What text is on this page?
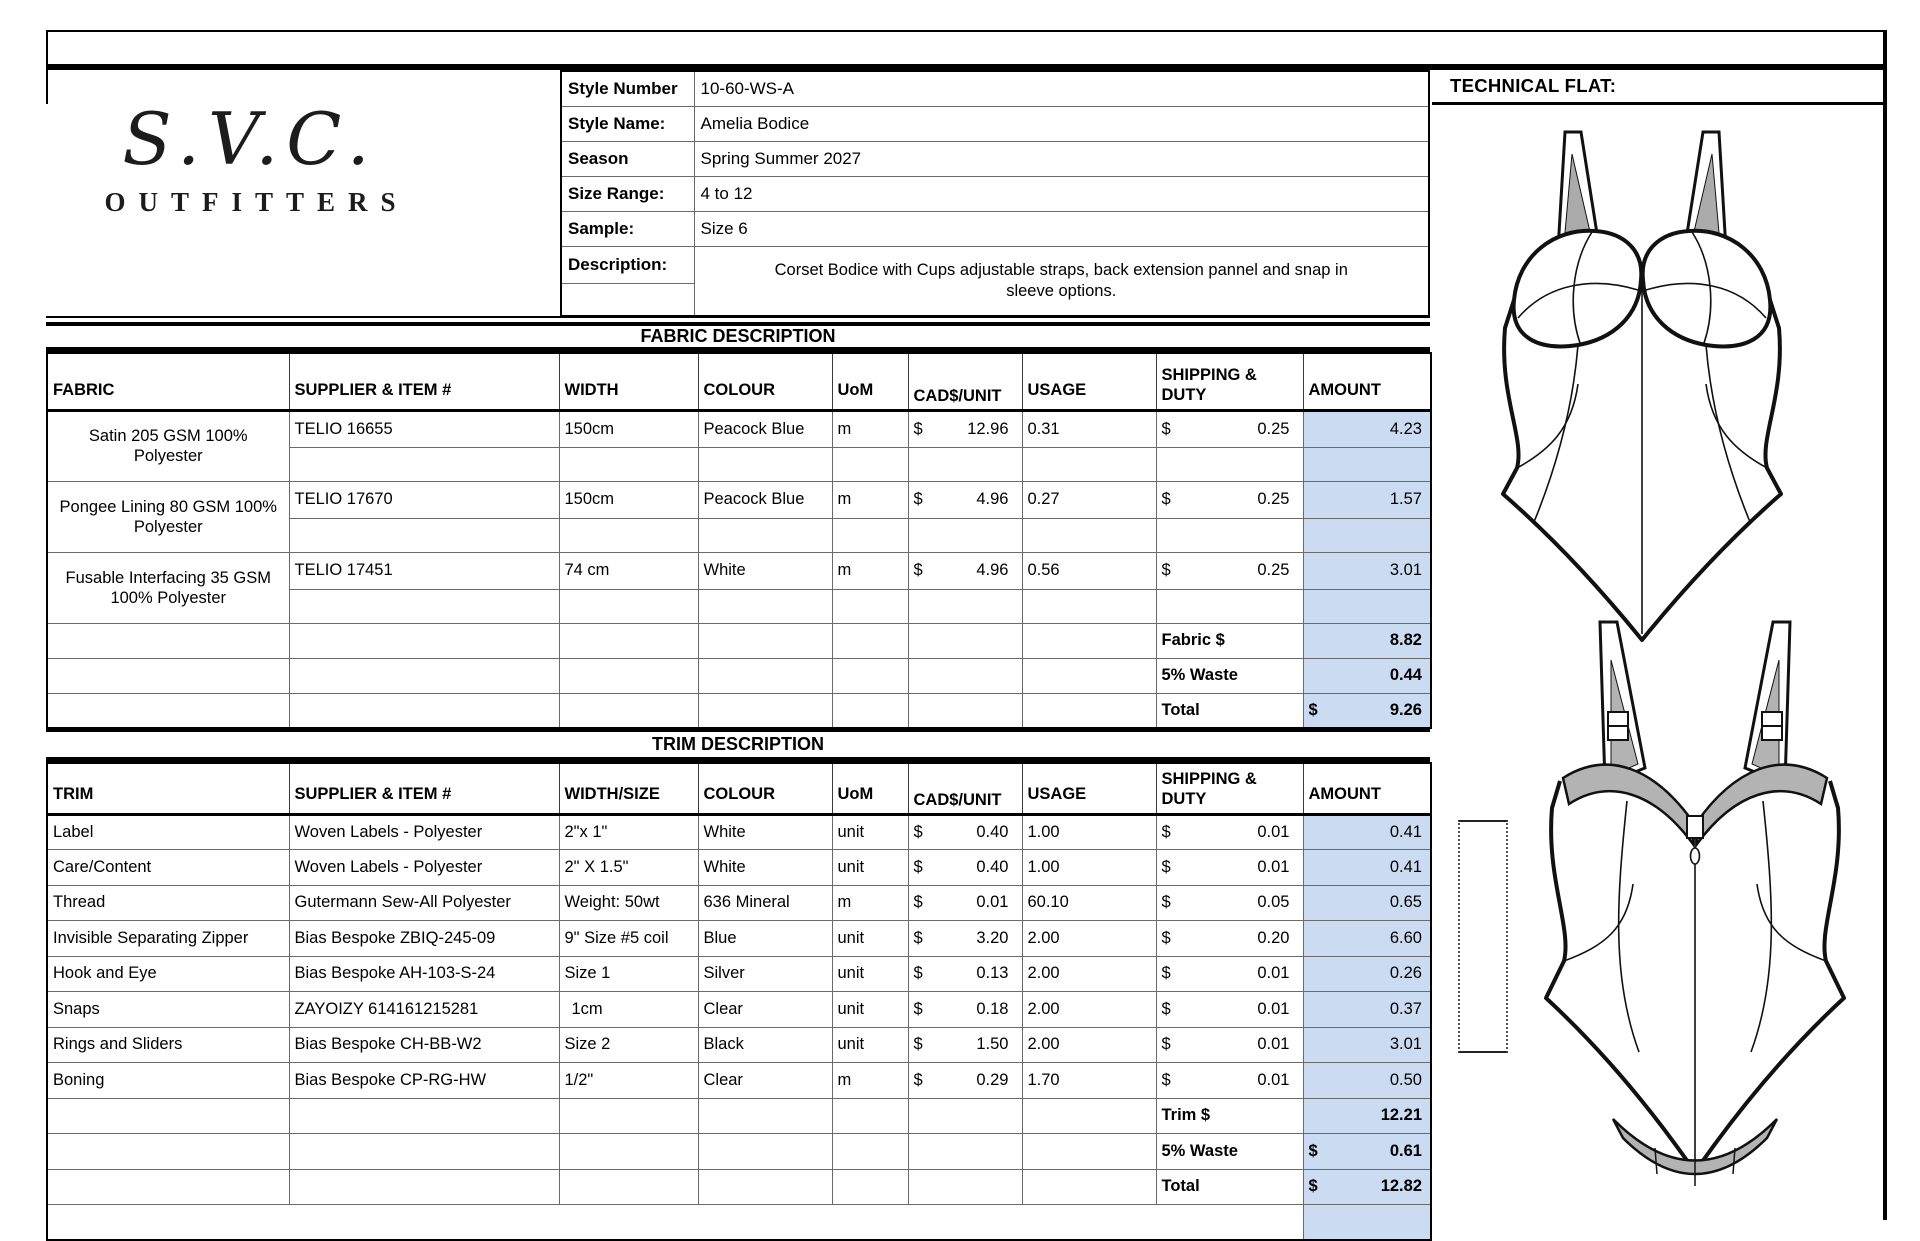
S.V.C.
OUTFITTERS
Style Number	10-60-WS-A
Style Name:	Amelia Bodice
Season	Spring Summer 2027
Size Range:	4 to 12
Sample:	Size 6
Description:	Corset Bodice with Cups adjustable straps, back extension pannel and snap in
sleeve options.

TECHNICAL FLAT:
FABRIC DESCRIPTION
FABRIC	SUPPLIER & ITEM #	WIDTH	COLOUR	UoM	CAD$/UNIT	USAGE	SHIPPING & DUTY	AMOUNT
Satin 205 GSM 100% Polyester	TELIO 16655	150cm	Peacock Blue	m	$ 12.96	0.31	$ 0.25	4.23

Pongee Lining 80 GSM 100% Polyester	TELIO 17670	150cm	Peacock Blue	m	$ 4.96	0.27	$ 0.25	1.57

Fusable Interfacing 35 GSM 100% Polyester	TELIO 17451	74 cm	White	m	$ 4.96	0.56	$ 0.25	3.01

							Fabric $	8.82

							5% Waste	0.44

							Total	$ 9.26
TRIM DESCRIPTION
TRIM	SUPPLIER & ITEM #	WIDTH/SIZE	COLOUR	UoM	CAD$/UNIT	USAGE	SHIPPING & DUTY	AMOUNT
Label	Woven Labels - Polyester	2"x 1"	White	unit	$ 0.40	1.00	$ 0.01	0.41
Care/Content	Woven Labels - Polyester	2" X 1.5"	White	unit	$ 0.40	1.00	$ 0.01	0.41
Thread	Gutermann Sew-All Polyester	Weight: 50wt	636 Mineral	m	$ 0.01	60.10	$ 0.05	0.65
Invisible Separating Zipper	Bias Bespoke ZBIQ-245-09	9" Size #5 coil	Blue	unit	$ 3.20	2.00	$ 0.20	6.60
Hook and Eye	Bias Bespoke AH-103-S-24	Size 1	Silver	unit	$ 0.13	2.00	$ 0.01	0.26
Snaps	ZAYOIZY 614161215281	1cm	Clear	unit	$ 0.18	2.00	$ 0.01	0.37
Rings and Sliders	Bias Bespoke CH-BB-W2	Size 2	Black	unit	$ 1.50	2.00	$ 0.01	3.01
Boning	Bias Bespoke CP-RG-HW	1/2"	Clear	m	$ 0.29	1.70	$ 0.01	0.50
							Trim $	12.21

							5% Waste	$ 0.61

							Total	$ 12.82
